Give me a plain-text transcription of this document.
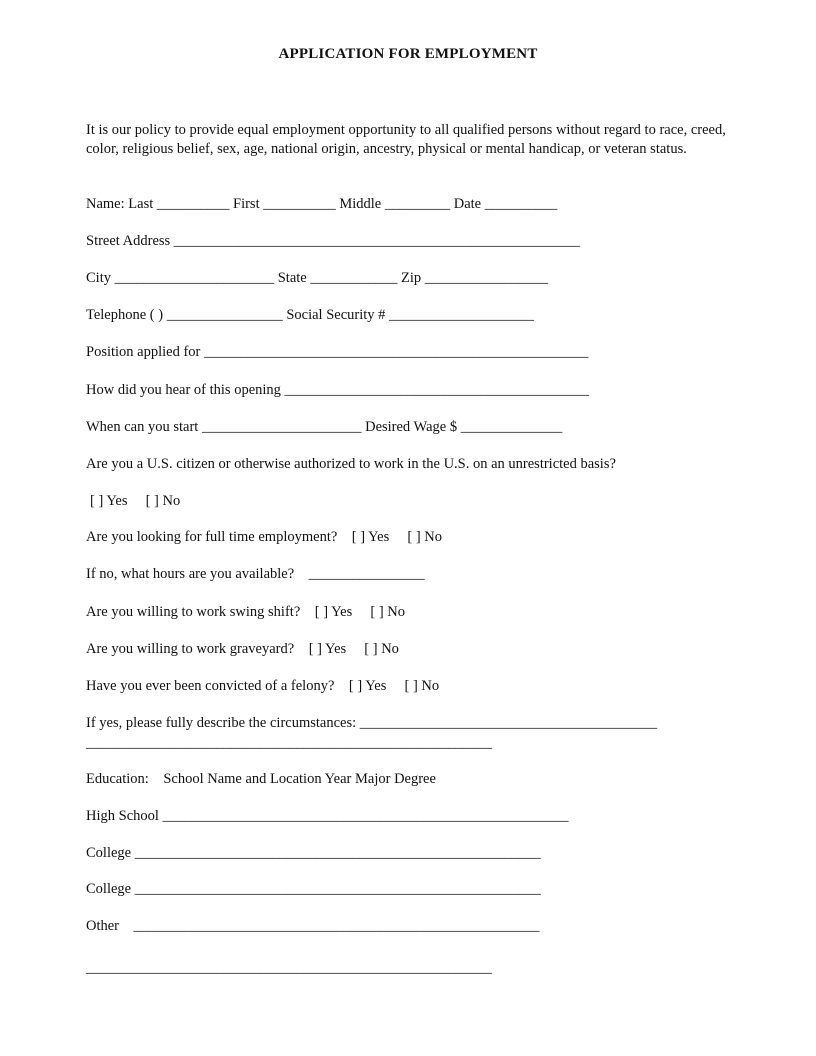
APPLICATION FOR EMPLOYMENT
It is our policy to provide equal employment opportunity to all qualified persons without regard to race, creed, color, religious belief, sex, age, national origin, ancestry, physical or mental handicap, or veteran status.
Name: Last __________ First __________ Middle _________ Date __________
Street Address ________________________________________________________
City ______________________ State ____________ Zip _________________
Telephone ( ) ________________ Social Security # ____________________
Position applied for _____________________________________________________
How did you hear of this opening __________________________________________
When can you start ______________________ Desired Wage $ ______________
Are you a U.S. citizen or otherwise authorized to work in the U.S. on an unrestricted basis?
[ ] Yes [ ] No
Are you looking for full time employment? [ ] Yes [ ] No
If no, what hours are you available? ________________
Are you willing to work swing shift? [ ] Yes [ ] No
Are you willing to work graveyard? [ ] Yes [ ] No
Have you ever been convicted of a felony? [ ] Yes [ ] No
If yes, please fully describe the circumstances: _________________________________________
________________________________________________________
Education: School Name and Location Year Major Degree
High School ________________________________________________________
College ________________________________________________________
College ________________________________________________________
Other ________________________________________________________
________________________________________________________
